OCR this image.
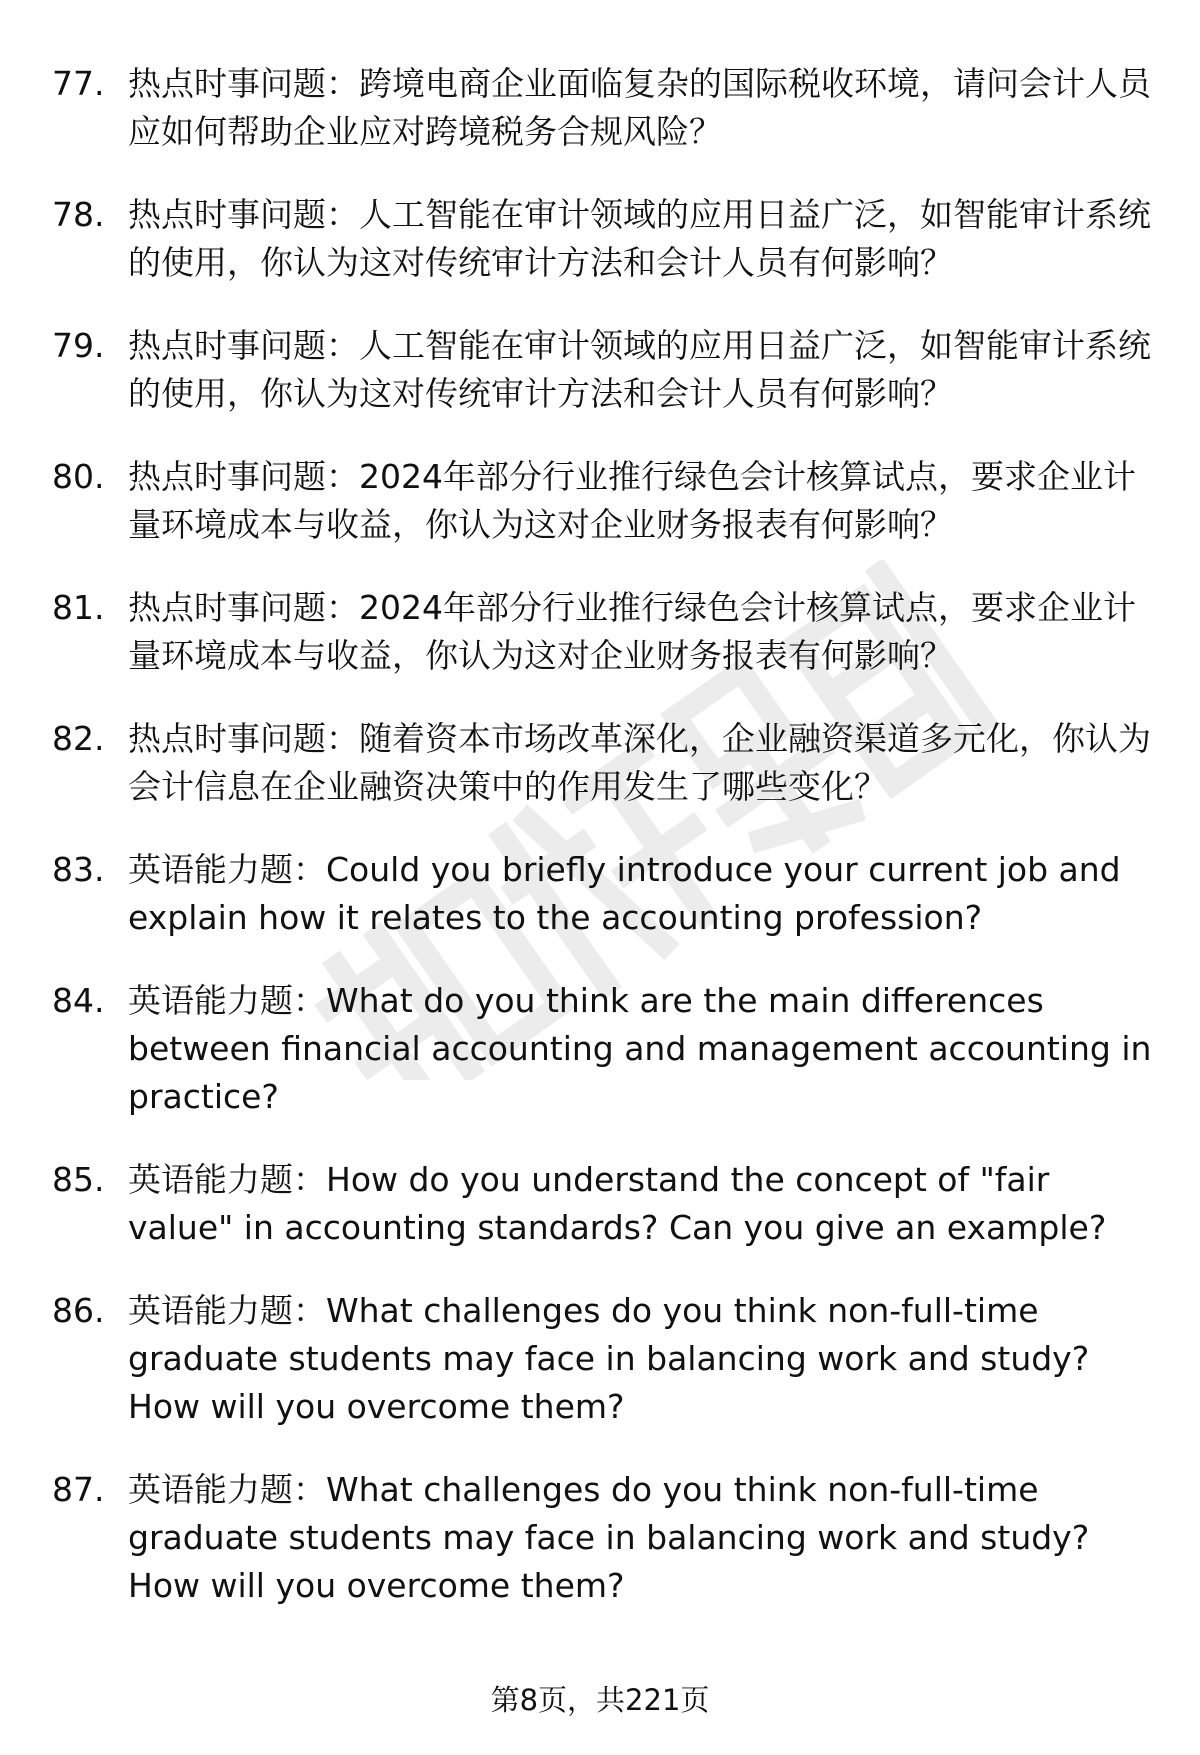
77. 热点时事问题：跨境电商企业面临复杂的国际税收环境，请问会计人员应如何帮助企业应对跨境税务合规风险？
78. 热点时事问题：人工智能在审计领域的应用日益广泛，如智能审计系统的使用，你认为这对传统审计方法和会计人员有何影响？
79. 热点时事问题：人工智能在审计领域的应用日益广泛，如智能审计系统的使用，你认为这对传统审计方法和会计人员有何影响？
80. 热点时事问题：2024年部分行业推行绿色会计核算试点，要求企业计量环境成本与收益，你认为这对企业财务报表有何影响？
81. 热点时事问题：2024年部分行业推行绿色会计核算试点，要求企业计量环境成本与收益，你认为这对企业财务报表有何影响？
82. 热点时事问题：随着资本市场改革深化，企业融资渠道多元化，你认为会计信息在企业融资决策中的作用发生了哪些变化？
83. 英语能力题：Could you briefly introduce your current job and explain how it relates to the accounting profession?
84. 英语能力题：What do you think are the main differences between financial accounting and management accounting in practice?
85. 英语能力题：How do you understand the concept of "fair value" in accounting standards? Can you give an example?
86. 英语能力题：What challenges do you think non-full-time graduate students may face in balancing work and study? How will you overcome them?
87. 英语能力题：What challenges do you think non-full-time graduate students may face in balancing work and study? How will you overcome them?
第8页，共221页
